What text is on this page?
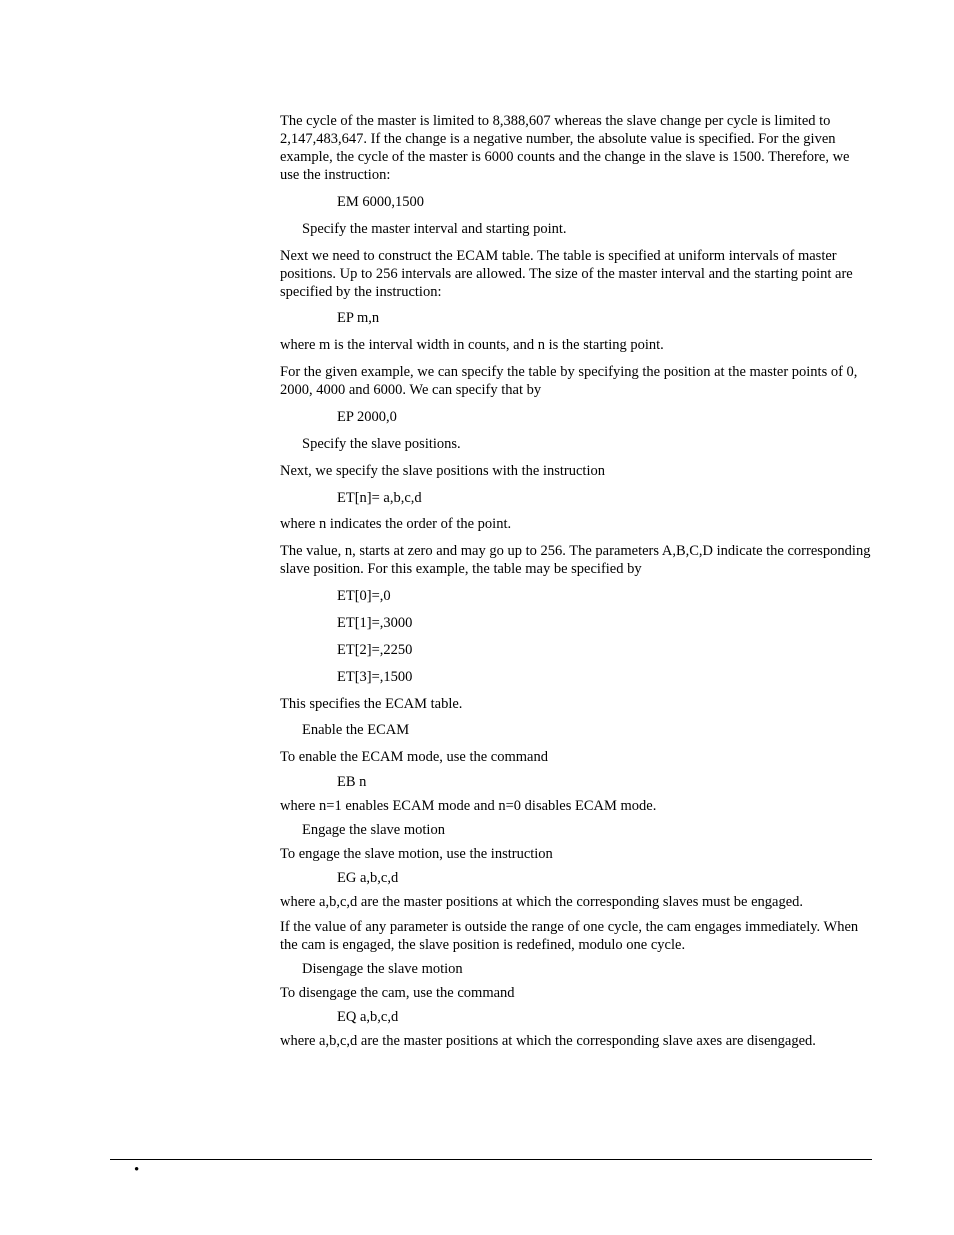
The cycle of the master is limited to 8,388,607 whereas the slave change per cycle is limited to 2,147,483,647. If the change is a negative number, the absolute value is specified. For the given example, the cycle of the master is 6000 counts and the change in the slave is 1500. Therefore, we use the instruction:

EM 6000,1500

Specify the master interval and starting point.

Next we need to construct the ECAM table. The table is specified at uniform intervals of master positions. Up to 256 intervals are allowed. The size of the master interval and the starting point are specified by the instruction:

EP m,n

where m is the interval width in counts, and n is the starting point.

For the given example, we can specify the table by specifying the position at the master points of 0, 2000, 4000 and 6000. We can specify that by

EP 2000,0

Specify the slave positions.

Next, we specify the slave positions with the instruction

ET[n]= a,b,c,d

where n indicates the order of the point.

The value, n, starts at zero and may go up to 256. The parameters A,B,C,D indicate the corresponding slave position. For this example, the table may be specified by

ET[0]=,0

ET[1]=,3000

ET[2]=,2250

ET[3]=,1500

This specifies the ECAM table.

Enable the ECAM

To enable the ECAM mode, use the command

EB n

where n=1 enables ECAM mode and n=0 disables ECAM mode.

Engage the slave motion

To engage the slave motion, use the instruction

EG a,b,c,d

where a,b,c,d are the master positions at which the corresponding slaves must be engaged.

If the value of any parameter is outside the range of one cycle, the cam engages immediately. When the cam is engaged, the slave position is redefined, modulo one cycle.

Disengage the slave motion

To disengage the cam, use the command

EQ a,b,c,d

where a,b,c,d are the master positions at which the corresponding slave axes are disengaged.

•
